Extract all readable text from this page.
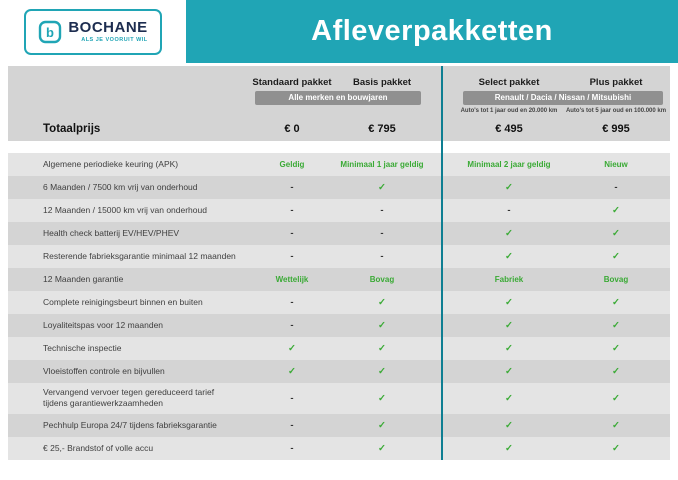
b BOCHANE
ALS JE VOORUIT WIL	Afleverpakketten
Standaard pakket	Basis pakket	Select pakket	Plus pakket
Alle merken en bouwjaren	Renault / Dacia / Nissan / Mitsubishi
Auto's tot 1 jaar oud en 20.000 km	Auto's tot 5 jaar oud en 100.000 km
Totaalprijs	€ 0	€ 795	€ 495	€ 995
Algemene periodieke keuring (APK)	Geldig	Minimaal 1 jaar geldig	Minimaal 2 jaar geldig	Nieuw
6 Maanden / 7500 km vrij van onderhoud	-	✓	✓	-
12 Maanden / 15000 km vrij van onderhoud	-	-	-	✓
Health check batterij EV/HEV/PHEV	-	-	✓	✓
Resterende fabrieksgarantie minimaal 12 maanden	-	-	✓	✓
12 Maanden garantie	Wettelijk	Bovag	Fabriek	Bovag
Complete reinigingsbeurt binnen en buiten	-	✓	✓	✓
Loyaliteitspas voor 12 maanden	-	✓	✓	✓
Technische inspectie	✓	✓	✓	✓
Vloeistoffen controle en bijvullen	✓	✓	✓	✓
Vervangend vervoer tegen gereduceerd tarief tijdens garantiewerkzaamheden	-	✓	✓	✓
Pechhulp Europa 24/7 tijdens fabrieksgarantie	-	✓	✓	✓
€ 25,- Brandstof of volle accu	-	✓	✓	✓
